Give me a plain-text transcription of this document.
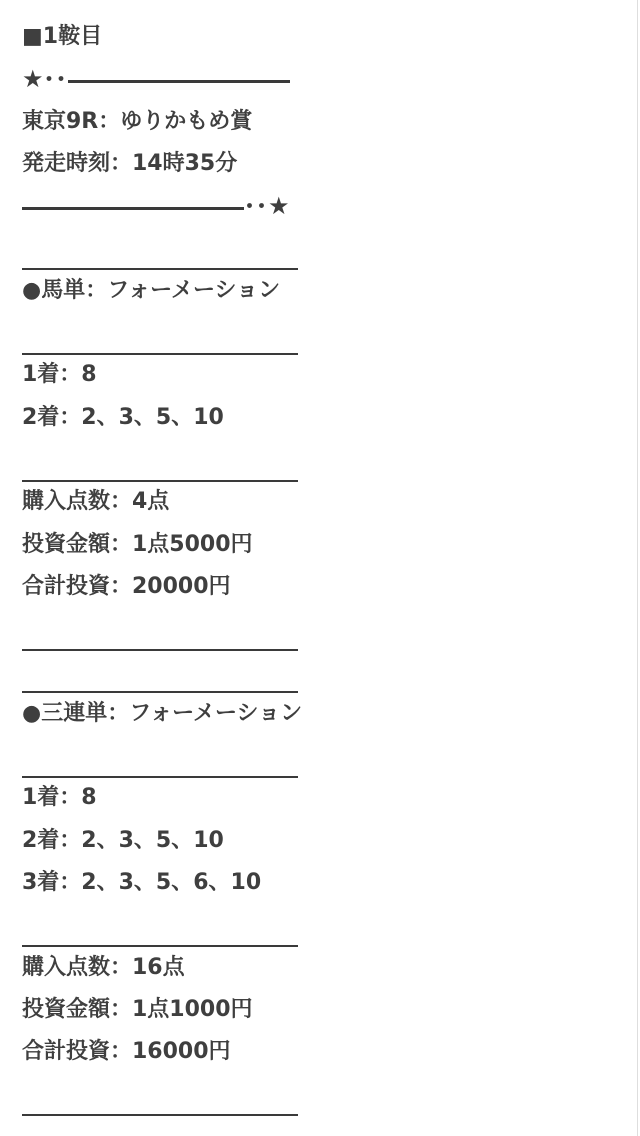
■1鞍目
★･･
東京9R：ゆりかもめ賞
発走時刻：14時35分
･･★
●馬単：フォーメーション
1着：8
2着：2、3、5、10
購入点数：4点
投資金額：1点5000円
合計投資：20000円
●三連単：フォーメーション
1着：8
2着：2、3、5、10
3着：2、3、5、6、10
購入点数：16点
投資金額：1点1000円
合計投資：16000円
